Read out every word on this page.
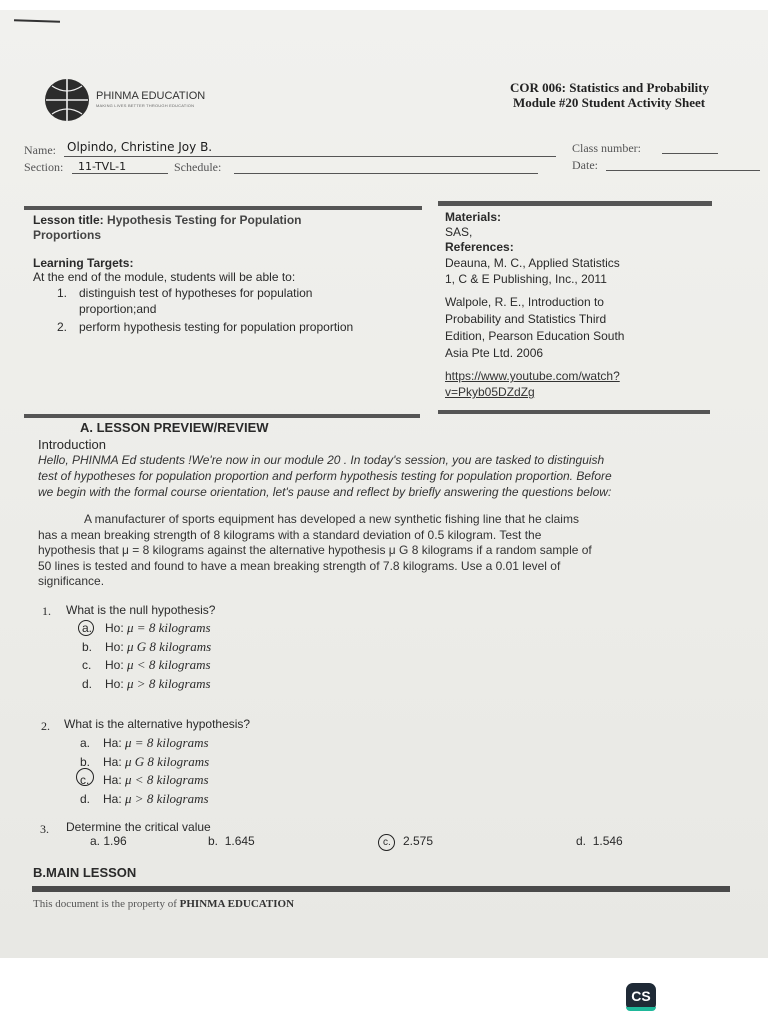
PHINMA EDUCATION
MAKING LIVES BETTER THROUGH EDUCATION
COR 006: Statistics and Probability
Module #20 Student Activity Sheet
Name: Olpindo, Christine Joy B.
Section: 11-TVL-1	Schedule:
Class number:
Date:
Lesson title: Hypothesis Testing for Population
Proportions
Learning Targets:
At the end of the module, students will be able to:
1. distinguish test of hypotheses for population
proportion;and
2. perform hypothesis testing for population proportion
Materials:
SAS,
References:
Deauna, M. C., Applied Statistics
1, C & E Publishing, Inc., 2011
Walpole, R. E., Introduction to
Probability and Statistics Third
Edition, Pearson Education South
Asia Pte Ltd. 2006
https://www.youtube.com/watch?
v=Pkyb05DZdZg
A. LESSON PREVIEW/REVIEW
Introduction
Hello, PHINMA Ed students !We're now in our module 20 . In today's session, you are tasked to distinguish
test of hypotheses for population proportion and perform hypothesis testing for population proportion. Before
we begin with the formal course orientation, let's pause and reflect by briefly answering the questions below:
A manufacturer of sports equipment has developed a new synthetic fishing line that he claims
has a mean breaking strength of 8 kilograms with a standard deviation of 0.5 kilogram. Test the
hypothesis that μ = 8 kilograms against the alternative hypothesis μ G 8 kilograms if a random sample of
50 lines is tested and found to have a mean breaking strength of 7.8 kilograms. Use a 0.01 level of
significance.
1. What is the null hypothesis?
a. Ho: μ = 8 kilograms
b. Ho: μ G 8 kilograms
c. Ho: μ < 8 kilograms
d. Ho: μ > 8 kilograms
2. What is the alternative hypothesis?
a. Ha: μ = 8 kilograms
b. Ha: μ G 8 kilograms
c. Ha: μ < 8 kilograms
d. Ha: μ > 8 kilograms
3. Determine the critical value
a. 1.96	b. 1.645	c. 2.575	d. 1.546
B.MAIN LESSON
This document is the property of PHINMA EDUCATION
CS
